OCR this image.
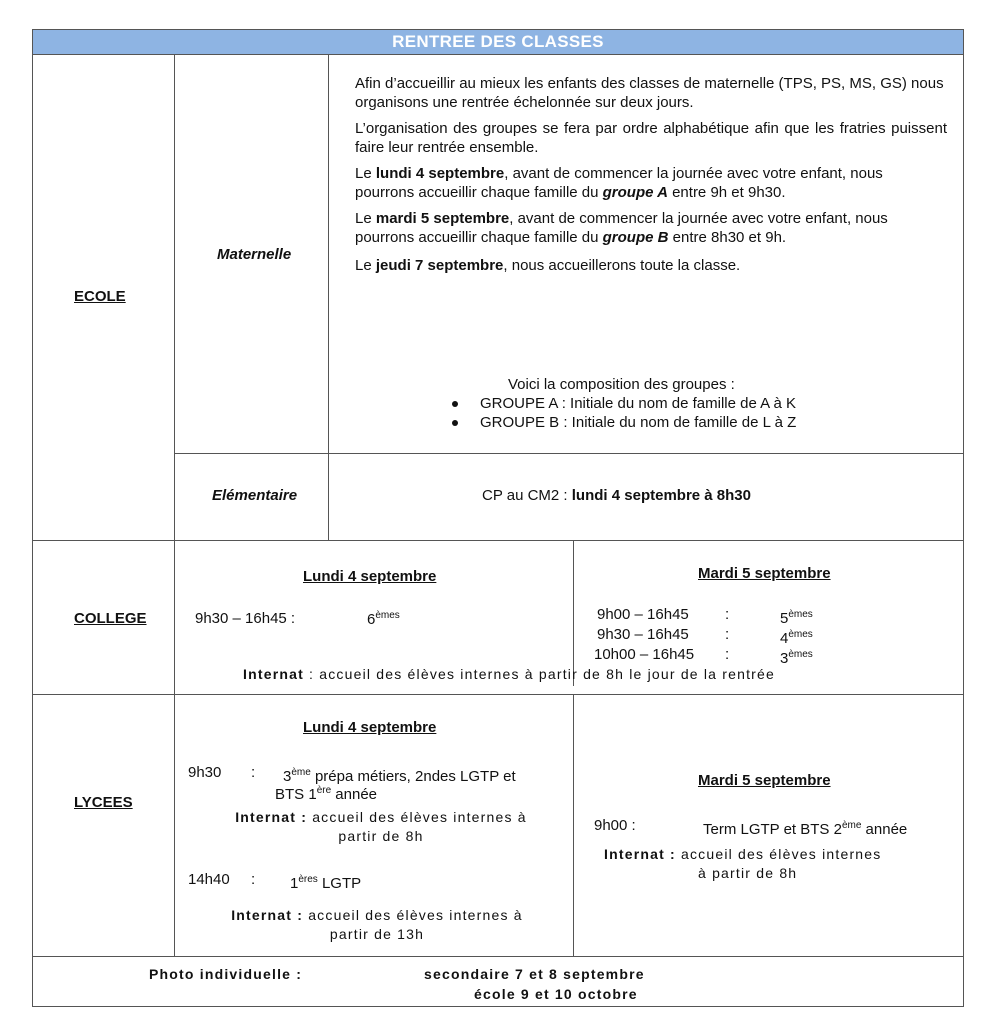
RENTREE DES CLASSES
ECOLE
Maternelle
Afin d’accueillir au mieux les enfants des classes de maternelle (TPS, PS, MS, GS) nous organisons une rentrée échelonnée sur deux jours.
L’organisation des groupes se fera par ordre alphabétique afin que les fratries puissent faire leur rentrée ensemble.
Le lundi 4 septembre, avant de commencer la journée avec votre enfant, nous pourrons accueillir chaque famille du groupe A entre 9h et 9h30.
Le mardi 5 septembre, avant de commencer la journée avec votre enfant, nous pourrons accueillir chaque famille du groupe B entre 8h30 et 9h.
Le jeudi 7 septembre, nous accueillerons toute la classe.
Voici la composition des groupes :
GROUPE A : Initiale du nom de famille de A à K
GROUPE B : Initiale du nom de famille de L à Z
Elémentaire	CP au CM2 : lundi 4 septembre à 8h30
COLLEGE
Lundi 4 septembre
9h30 – 16h45 :	6èmes
Mardi 5 septembre
9h00 – 16h45 :	5èmes
9h30 – 16h45 :	4èmes
10h00 – 16h45 :	3èmes
Internat : accueil des élèves internes à partir de 8h le jour de la rentrée
LYCEES
Lundi 4 septembre
9h30 : 3ème prépa métiers, 2ndes LGTP et
BTS 1ère année
Internat : accueil des élèves internes à
partir de 8h
14h40 : 1ères LGTP
Internat : accueil des élèves internes à
partir de 13h
Mardi 5 septembre
9h00 :	Term LGTP et BTS 2ème année
Internat : accueil des élèves internes
à partir de 8h
Photo individuelle :	secondaire 7 et 8 septembre
école 9 et 10 octobre
